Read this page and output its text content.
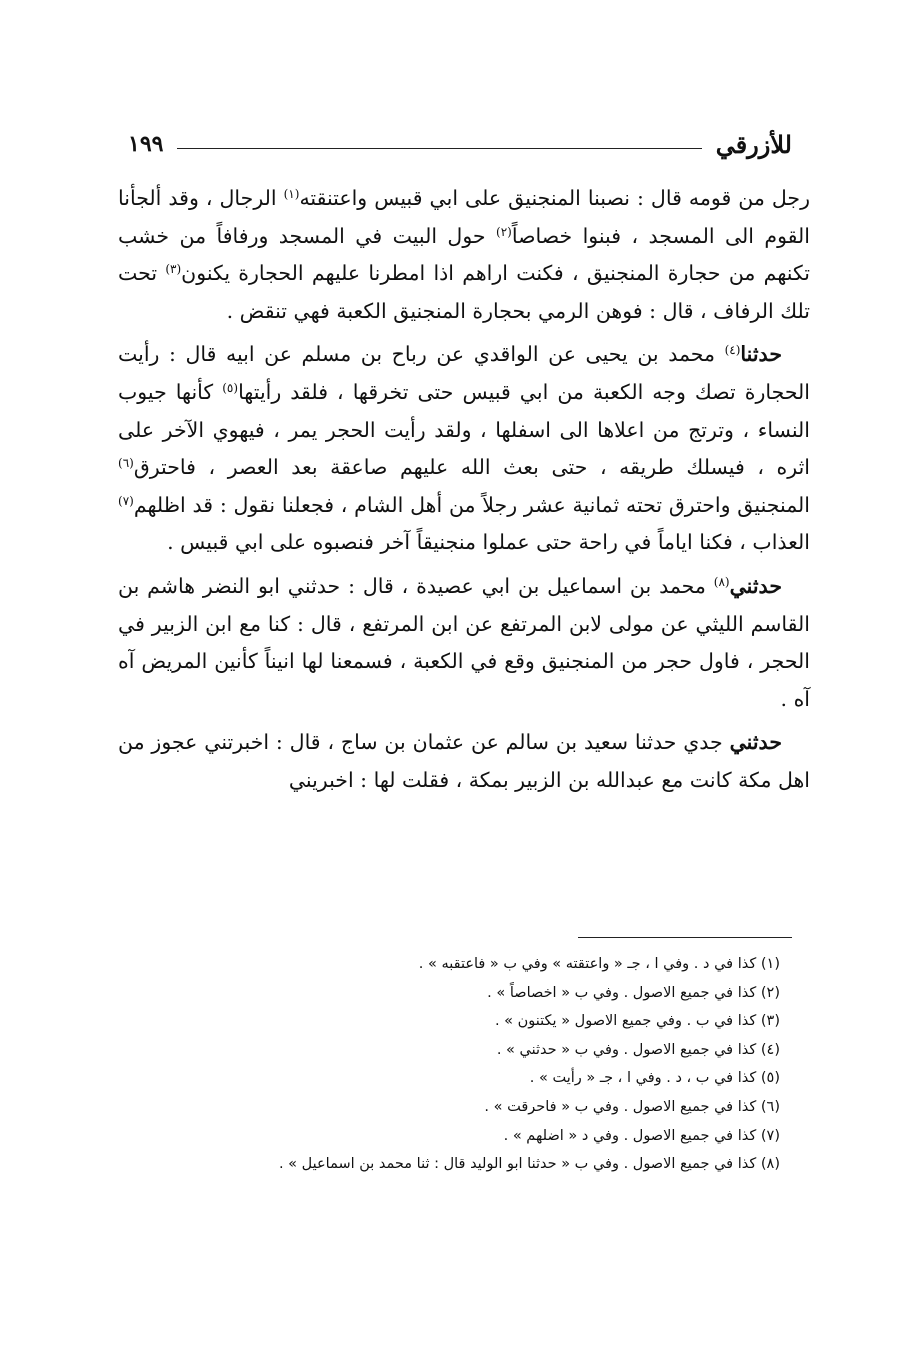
للأزرقي
١٩٩

رجل من قومه قال : نصبنا المنجنيق على ابي قبيس واعتنقته$^{(١)}$ الرجال ، وقد ألجأنا القوم الى المسجد ، فبنوا خصاصاً$^{(٢)}$ حول البيت في المسجد ورفافاً من خشب تكنهم من حجارة المنجنيق ، فكنت اراهم اذا امطرنا عليهم الحجارة يكنون$^{(٣)}$ تحت تلك الرفاف ، قال : فوهن الرمي بحجارة المنجنيق الكعبة فهي تنقض .

حدثنا$^{(٤)}$ محمد بن يحيى عن الواقدي عن رباح بن مسلم عن ابيه قال : رأيت الحجارة تصك وجه الكعبة من ابي قبيس حتى تخرقها ، فلقد رأيتها$^{(٥)}$ كأنها جيوب النساء ، وترتج من اعلاها الى اسفلها ، ولقد رأيت الحجر يمر ، فيهوي الآخر على اثره ، فيسلك طريقه ، حتى بعث الله عليهم صاعقة بعد العصر ، فاحترق$^{(٦)}$ المنجنيق واحترق تحته ثمانية عشر رجلاً من أهل الشام ، فجعلنا نقول : قد اظلهم$^{(٧)}$ العذاب ، فكنا اياماً في راحة حتى عملوا منجنيقاً آخر فنصبوه على ابي قبيس .

حدثني$^{(٨)}$ محمد بن اسماعيل بن ابي عصيدة ، قال : حدثني ابو النضر هاشم بن القاسم الليثي عن مولى لابن المرتفع عن ابن المرتفع ، قال : كنا مع ابن الزبير في الحجر ، فاول حجر من المنجنيق وقع في الكعبة ، فسمعنا لها انيناً كأنين المريض آه آه .

حدثني جدي حدثنا سعيد بن سالم عن عثمان بن ساج ، قال : اخبرتني عجوز من اهل مكة كانت مع عبدالله بن الزبير بمكة ، فقلت لها : اخبريني

(١) كذا في د . وفي ا ، جـ « واعتقته » وفي ب « فاعتقبه » .
(٢) كذا في جميع الاصول . وفي ب « اخصاصاً » .
(٣) كذا في ب . وفي جميع الاصول « يكتنون » .
(٤) كذا في جميع الاصول . وفي ب « حدثني » .
(٥) كذا في ب ، د . وفي ا ، جـ « رأيت » .
(٦) كذا في جميع الاصول . وفي ب « فاحرقت » .
(٧) كذا في جميع الاصول . وفي د « اضلهم » .
(٨) كذا في جميع الاصول . وفي ب « حدثنا ابو الوليد قال : ثنا محمد بن اسماعيل » .
